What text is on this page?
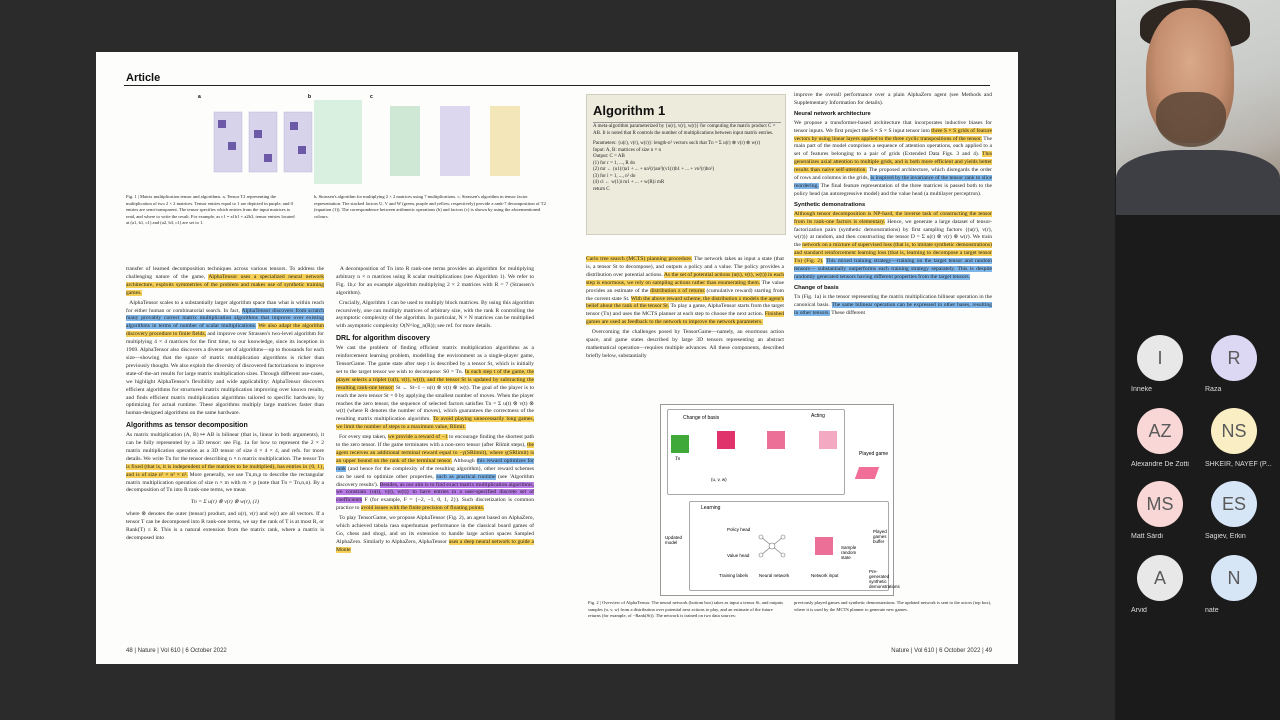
Article
a	b	c
Fig. 1 | Matrix multiplication tensor and algorithms. a, Tensor T2 representing the multiplication of two 2 × 2 matrices. Tensor entries equal to 1 are depicted in purple, and 0 entries are semi-transparent. The tensor specifies which entries from the input matrices to read, and where to write the result. For example, as c1 = a1b1 + a2b3, tensor entries located at (a1, b1, c1) and (a2, b3, c1) are set to 1.
b, Strassen's algorithm for multiplying 2 × 2 matrices using 7 multiplications. c, Strassen's algorithm in tensor factor representation. The stacked factors U, V and W (green, purple and yellow, respectively) provide a rank-7 decomposition of T2 (equation (1)). The correspondence between arithmetic operations (b) and factors (c) is shown by using the aforementioned colours.

transfer of learned decomposition techniques across various tensors. To address the challenging nature of the game, AlphaTensor uses a specialized neural network architecture, exploits symmetries of the problem and makes use of synthetic training games.

AlphaTensor scales to a substantially larger algorithm space than what is within reach for either human or combinatorial search. In fact, AlphaTensor discovers from scratch many provably correct matrix multiplication algorithms that improve over existing algorithms in terms of number of scalar multiplications. We also adapt the algorithm discovery procedure to finite fields, and improve over Strassen's two-level algorithm for multiplying 4 × 4 matrices for the first time, to our knowledge, since its inception in 1969. AlphaTensor also discovers a diverse set of algorithms—up to thousands for each size—showing that the space of matrix multiplication algorithms is richer than previously thought. We also exploit the diversity of discovered factorizations to improve state-of-the-art results for large matrix multiplication sizes. Through different use-cases, we highlight AlphaTensor's flexibility and wide applicability: AlphaTensor discovers efficient algorithms for structured matrix multiplication improving over known results, and finds efficient matrix multiplication algorithms tailored to specific hardware, by optimizing for actual runtime. These algorithms multiply large matrices faster than human-designed algorithms on the same hardware.

Algorithms as tensor decomposition

As matrix multiplication (A, B) ↦ AB is bilinear (that is, linear in both arguments), it can be fully represented by a 3D tensor: see Fig. 1a for how to represent the 2 × 2 matrix multiplication operation as a 3D tensor of size 4 × 4 × 4, and refs. for more details. We write Tn for the tensor describing n × n matrix multiplication. The tensor Tn is fixed (that is, it is independent of the matrices to be multiplied), has entries in {0, 1}, and is of size n² × n² × n². More generally, we use Tn,m,p to describe the rectangular matrix multiplication operation of size n × m with m × p (note that Tn = Tn,n,n). By a decomposition of Tn into R rank-one terms, we mean

Tn = Σ u(r) ⊗ v(r) ⊗ w(r), (1)

where ⊗ denotes the outer (tensor) product, and u(r), v(r) and w(r) are all vectors. If a tensor T can be decomposed into R rank-one terms, we say the rank of T is at most R, or Rank(T) ≤ R. This is a natural extension from the matrix rank, where a matrix is decomposed into

A decomposition of Tn into R rank-one terms provides an algorithm for multiplying arbitrary n × n matrices using R scalar multiplications (see Algorithm 1). We refer to Fig. 1b,c for an example algorithm multiplying 2 × 2 matrices with R = 7 (Strassen's algorithm).

Crucially, Algorithm 1 can be used to multiply block matrices. By using this algorithm recursively, one can multiply matrices of arbitrary size, with the rank R controlling the asymptotic complexity of the algorithm. In particular, N × N matrices can be multiplied with asymptotic complexity O(N^log_n(R)); see ref. for more details.

DRL for algorithm discovery

We cast the problem of finding efficient matrix multiplication algorithms as a reinforcement learning problem, modelling the environment as a single-player game, TensorGame. The game state after step t is described by a tensor St, which is initially set to the target tensor we wish to decompose: S0 = Tn. In each step t of the game, the player selects a triplet (u(t), v(t), w(t)), and the tensor St is updated by subtracting the resulting rank-one tensor: St ← St−1 − u(t) ⊗ v(t) ⊗ w(t). The goal of the player is to reach the zero tensor St = 0 by applying the smallest number of moves. When the player reaches the zero tensor, the sequence of selected factors satisfies Tn = Σ u(t) ⊗ v(t) ⊗ w(t) (where R denotes the number of moves), which guarantees the correctness of the resulting matrix multiplication algorithm. To avoid playing unnecessarily long games, we limit the number of steps to a maximum value, Rlimit.

For every step taken, we provide a reward of −1 to encourage finding the shortest path to the zero tensor. If the game terminates with a non-zero tensor (after Rlimit steps), the agent receives an additional terminal reward equal to −γ(SRlimit), where γ(SRlimit) is an upper bound on the rank of the terminal tensor. Although this reward optimizes for rank (and hence for the complexity of the resulting algorithm), other reward schemes can be used to optimize other properties, such as practical runtime (see 'Algorithm discovery results'). Besides, as our aim is to find exact matrix multiplication algorithms, we constrain {u(t), v(t), w(t)} to have entries in a user-specified discrete set of coefficients F (for example, F = {−2, −1, 0, 1, 2}). Such discretization is common practice to avoid issues with the finite precision of floating points.

To play TensorGame, we propose AlphaTensor (Fig. 2), an agent based on AlphaZero, which achieved tabula rasa superhuman performance in the classical board games of Go, chess and shogi, and on its extension to handle large action spaces Sampled AlphaZero. Similarly to AlphaZero, AlphaTensor uses a deep neural network to guide a Monte

Algorithm 1
A meta-algorithm parameterized by {u(r), v(r), w(r)} for computing the matrix product C = AB. It is noted that R controls the number of multiplications between input matrix entries.
Parameters: {u(r), v(r), w(r)}: length-n² vectors such that Tn = Σ u(r) ⊗ v(r) ⊗ w(r)
Input: A, B: matrices of size n × n
Output: C = AB
(1) for r = 1, ..., R do
(2) mr ← (u1(r)a1 + ... + un²(r)an²)(v1(r)b1 + ... + vn²(r)bn²)
(3) for i = 1, ..., n² do
(4) ci ← w(1)i m1 + ... + w(R)i mR
return C

Carlo tree search (MCTS) planning procedure. The network takes as input a state (that is, a tensor St to decompose), and outputs a policy and a value. The policy provides a distribution over potential actions. As the set of potential actions (u(t), v(t), w(t)) in each step is enormous, we rely on sampling actions rather than enumerating them. The value provides an estimate of the distribution z of returns (cumulative reward) starting from the current state St. With the above reward scheme, the distribution z models the agent's belief about the rank of the tensor St. To play a game, AlphaTensor starts from the target tensor (Tn) and uses the MCTS planner at each step to choose the next action. Finished games are used as feedback to the network to improve the network parameters.

Overcoming the challenges posed by TensorGame—namely, an enormous action space, and game states described by large 3D tensors representing an abstract mathematical operation—requires multiple advances. All these components, described briefly below, substantially

improve the overall performance over a plain AlphaZero agent (see Methods and Supplementary Information for details).

Neural network architecture

We propose a transformer-based architecture that incorporates inductive biases for tensor inputs. We first project the S × S × S input tensor into three S × S grids of feature vectors by using linear layers applied to the three cyclic transpositions of the tensor. The main part of the model comprises a sequence of attention operations, each applied to a set of features belonging to a pair of grids (Extended Data Figs. 3 and 4). This generalizes axial attention to multiple grids, and is both more efficient and yields better results than naive self-attention. The proposed architecture, which disregards the order of rows and columns in the grids, is inspired by the invariance of the tensor rank to slice reordering. The final feature representation of the three matrices is passed both to the policy head (an autoregressive model) and the value head (a multilayer perceptron).

Synthetic demonstrations

Although tensor decomposition is NP-hard, the inverse task of constructing the tensor from its rank-one factors is elementary. Hence, we generate a large dataset of tensor-factorization pairs (synthetic demonstrations) by first sampling factors {(u(r), v(r), w(r))} at random, and then constructing the tensor D = Σ u(r) ⊗ v(r) ⊗ w(r). We train the network on a mixture of supervised loss (that is, to imitate synthetic demonstrations) and standard reinforcement learning loss (that is, learning to decompose a target tensor Tn) (Fig. 2). This mixed training strategy—training on the target tensor and random tensors— substantially outperforms each training strategy separately. This is despite randomly generated tensors having different properties from the target tensors.

Change of basis

Tn (Fig. 1a) is the tensor representing the matrix multiplication bilinear operation in the canonical basis. The same bilinear operation can be expressed in other bases, resulting in other tensors. These different

Acting
Change of basis
Tn
(u, v, w)
Played game
Learning
Updated model
Policy head
Value head
Neural network	Network input
Sample random state
Training labels
Played games buffer
Pre-generated synthetic demonstrations
Fig. 2 | Overview of AlphaTensor. The neural network (bottom box) takes as input a tensor St, and outputs samples (u, v, w) from a distribution over potential next actions to play, and an estimate of the future returns (for example, of −Rank(St)). The network is trained on two data sources:
previously played games and synthetic demonstrations. The updated network is sent to the actors (top box), where it is used by the MCTS planner to generate new games.
48 | Nature | Vol 610 | 6 October 2022	Nature | Vol 610 | 6 October 2022 | 49
I
Inneke
R
Raza
AZ
Alexandre De Zotti
NS
SHKEIR, NAYEF (P...
MS
Matt Sárdi
ES
Sagiev, Erkin
A
Arvid
N
nate
